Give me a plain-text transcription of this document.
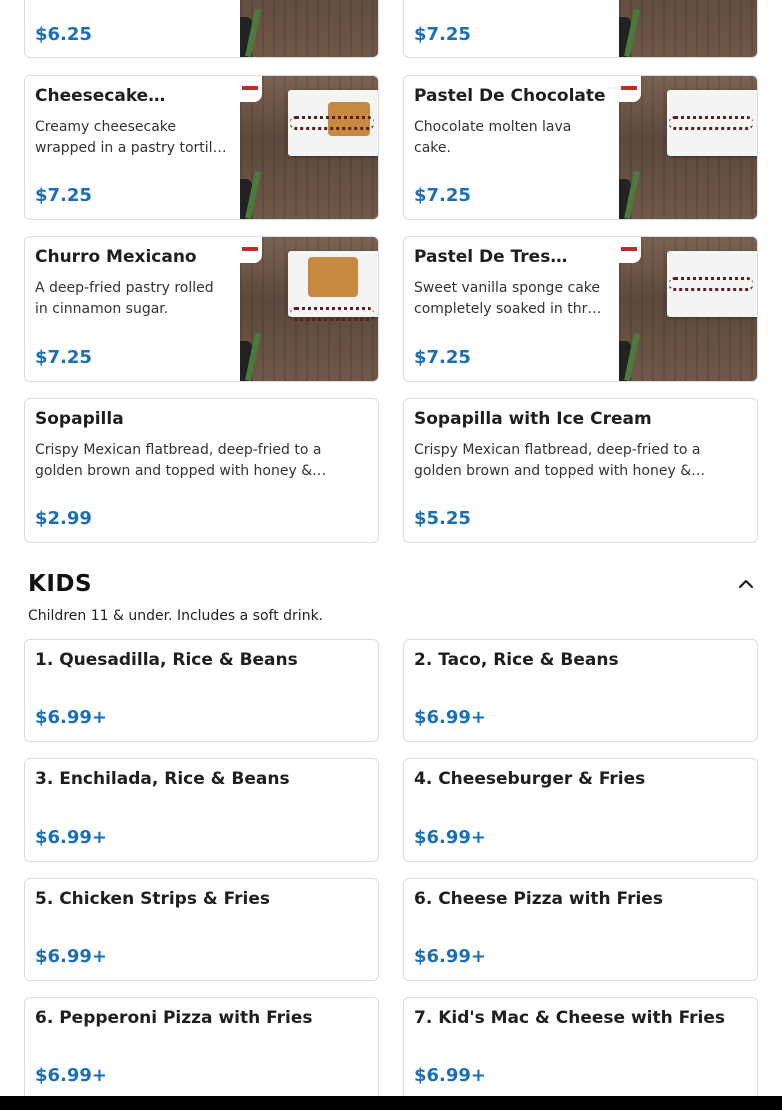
$6.25	$7.25
Cheesecake…

Creamy cheesecake wrapped in a pastry tortil…

$7.25
Pastel De Chocolate

Chocolate molten lava cake.

$7.25
Churro Mexicano

A deep-fried pastry rolled in cinnamon sugar.

$7.25
Pastel De Tres…

Sweet vanilla sponge cake completely soaked in thr…

$7.25
Sopapilla

Crispy Mexican flatbread, deep-fried to a golden brown and topped with honey &…

$2.99
Sopapilla with Ice Cream

Crispy Mexican flatbread, deep-fried to a golden brown and topped with honey &…

$5.25
KIDS
Children 11 & under. Includes a soft drink.
1. Quesadilla, Rice & Beans
$6.99+
2. Taco, Rice & Beans
$6.99+
3. Enchilada, Rice & Beans
$6.99+
4. Cheeseburger & Fries
$6.99+
5. Chicken Strips & Fries
$6.99+
6. Cheese Pizza with Fries
$6.99+
6. Pepperoni Pizza with Fries
$6.99+
7. Kid's Mac & Cheese with Fries
$6.99+
